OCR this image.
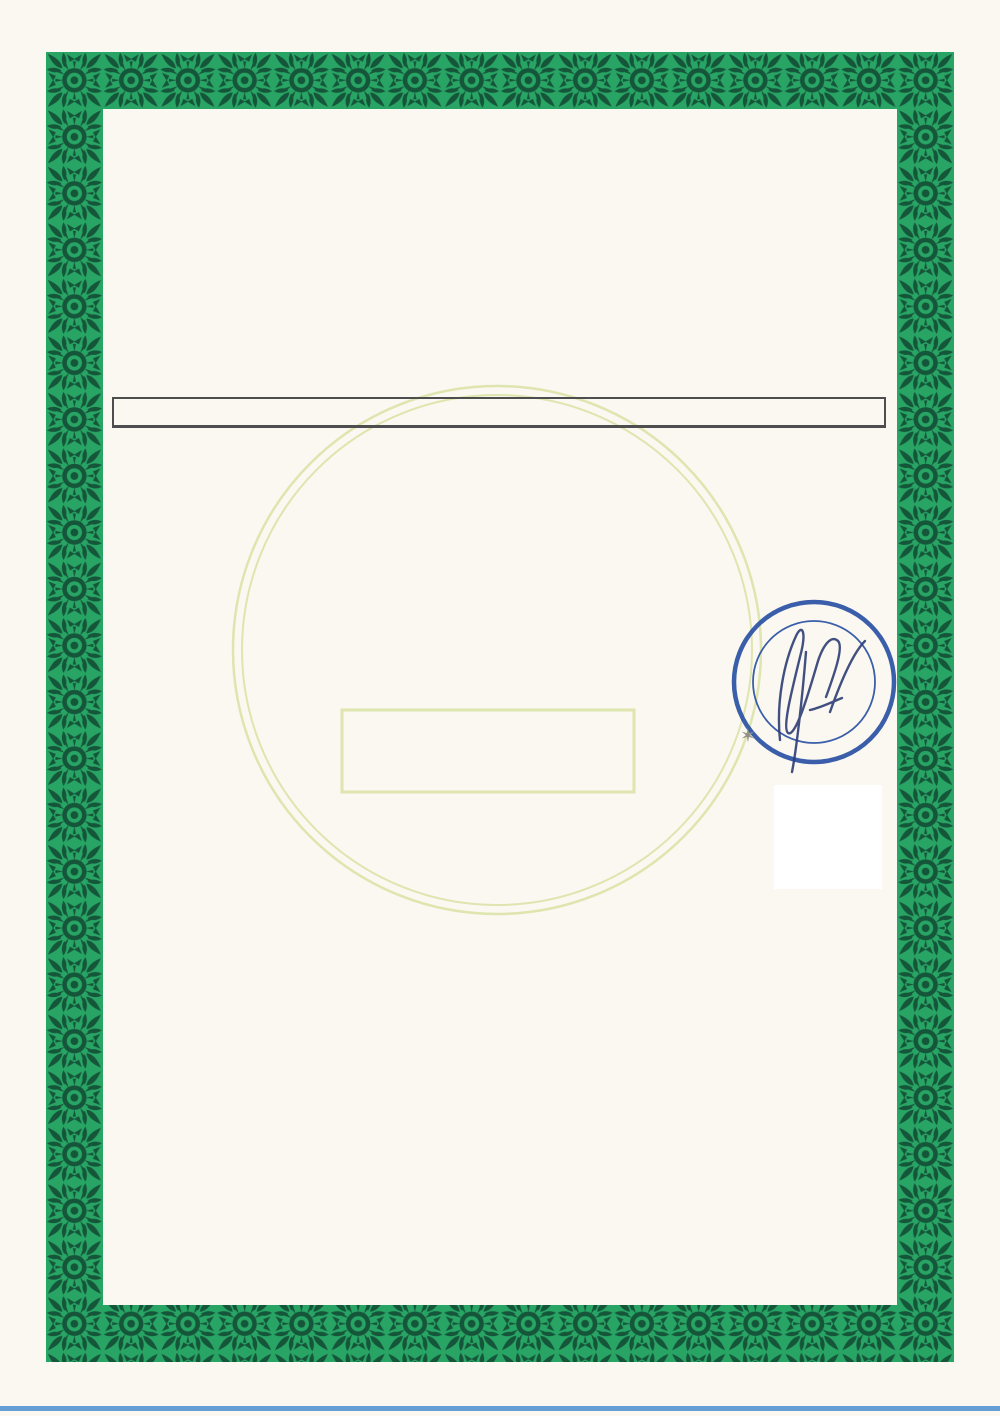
✶
